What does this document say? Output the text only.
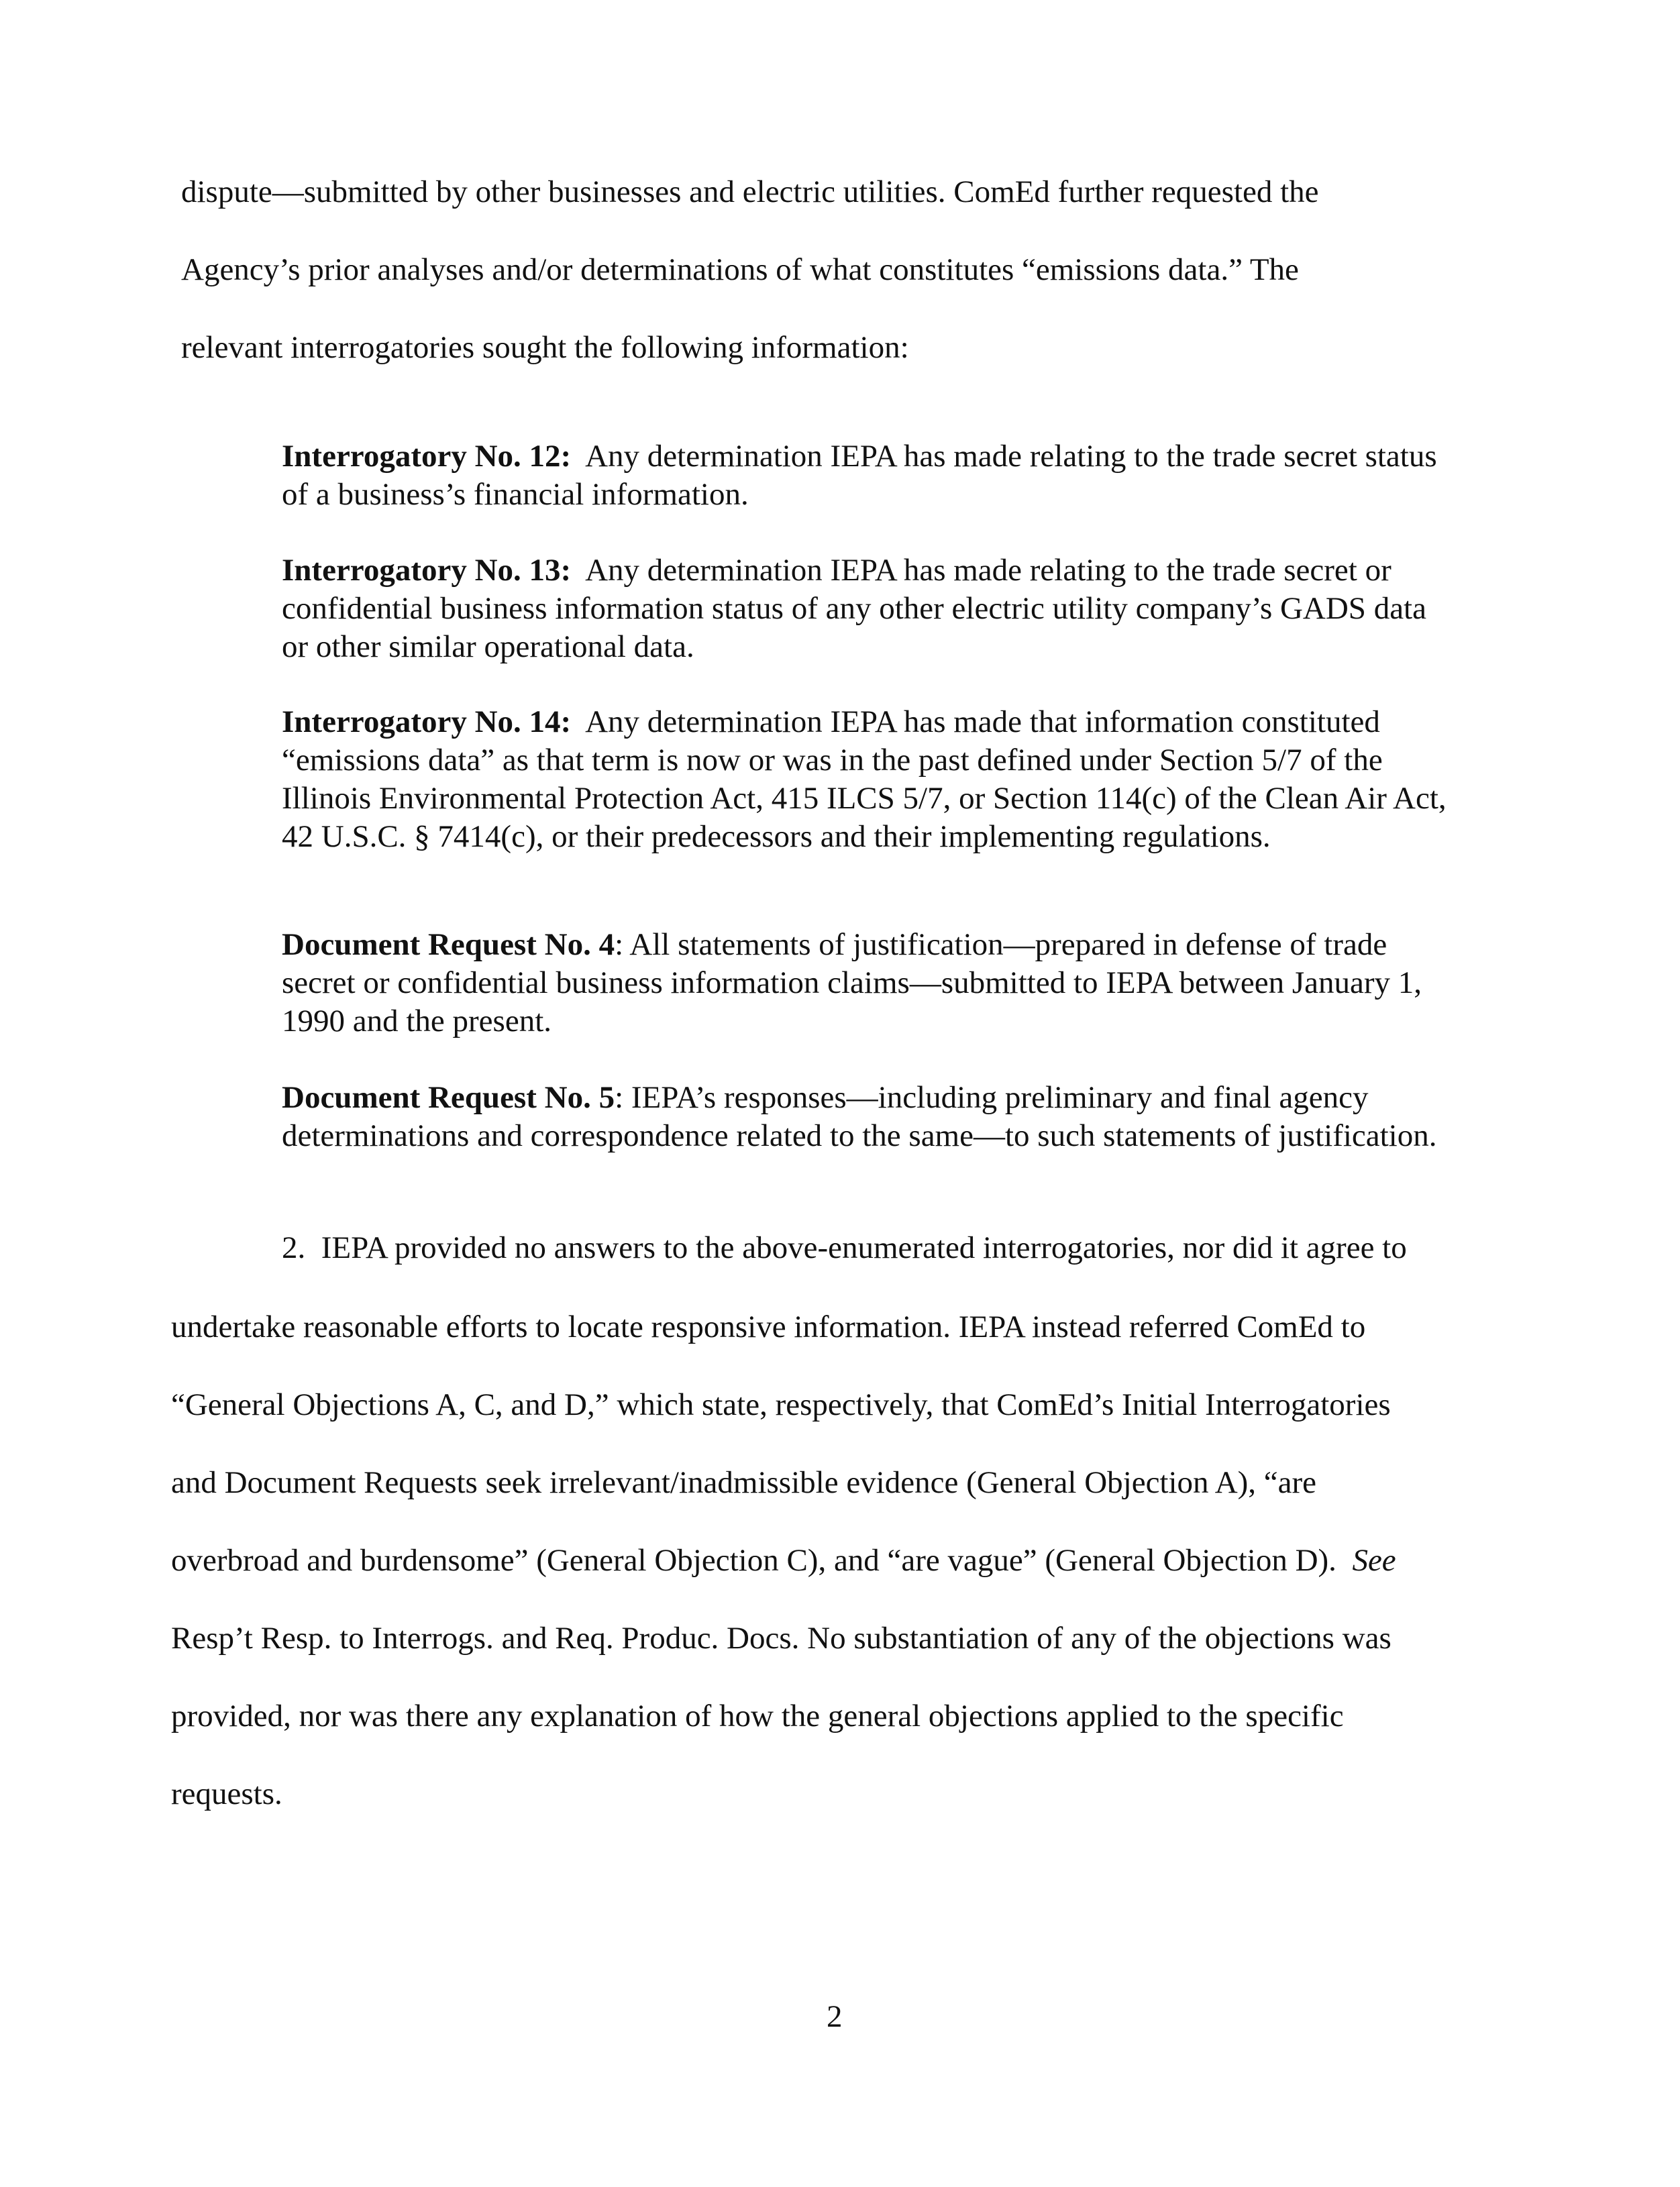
dispute—submitted by other businesses and electric utilities. ComEd further requested the
Agency’s prior analyses and/or determinations of what constitutes “emissions data.” The
relevant interrogatories sought the following information:
Interrogatory No. 12: Any determination IEPA has made relating to the trade secret status of a business’s financial information.
Interrogatory No. 13: Any determination IEPA has made relating to the trade secret or confidential business information status of any other electric utility company’s GADS data or other similar operational data.
Interrogatory No. 14: Any determination IEPA has made that information constituted “emissions data” as that term is now or was in the past defined under Section 5/7 of the Illinois Environmental Protection Act, 415 ILCS 5/7, or Section 114(c) of the Clean Air Act, 42 U.S.C. § 7414(c), or their predecessors and their implementing regulations.
Document Request No. 4: All statements of justification—prepared in defense of trade secret or confidential business information claims—submitted to IEPA between January 1, 1990 and the present.
Document Request No. 5: IEPA’s responses—including preliminary and final agency determinations and correspondence related to the same—to such statements of justification.
2.  IEPA provided no answers to the above-enumerated interrogatories, nor did it agree to
undertake reasonable efforts to locate responsive information. IEPA instead referred ComEd to
“General Objections A, C, and D,” which state, respectively, that ComEd’s Initial Interrogatories
and Document Requests seek irrelevant/inadmissible evidence (General Objection A), “are
overbroad and burdensome” (General Objection C), and “are vague” (General Objection D). See
Resp’t Resp. to Interrogs. and Req. Produc. Docs. No substantiation of any of the objections was
provided, nor was there any explanation of how the general objections applied to the specific
requests.
2
